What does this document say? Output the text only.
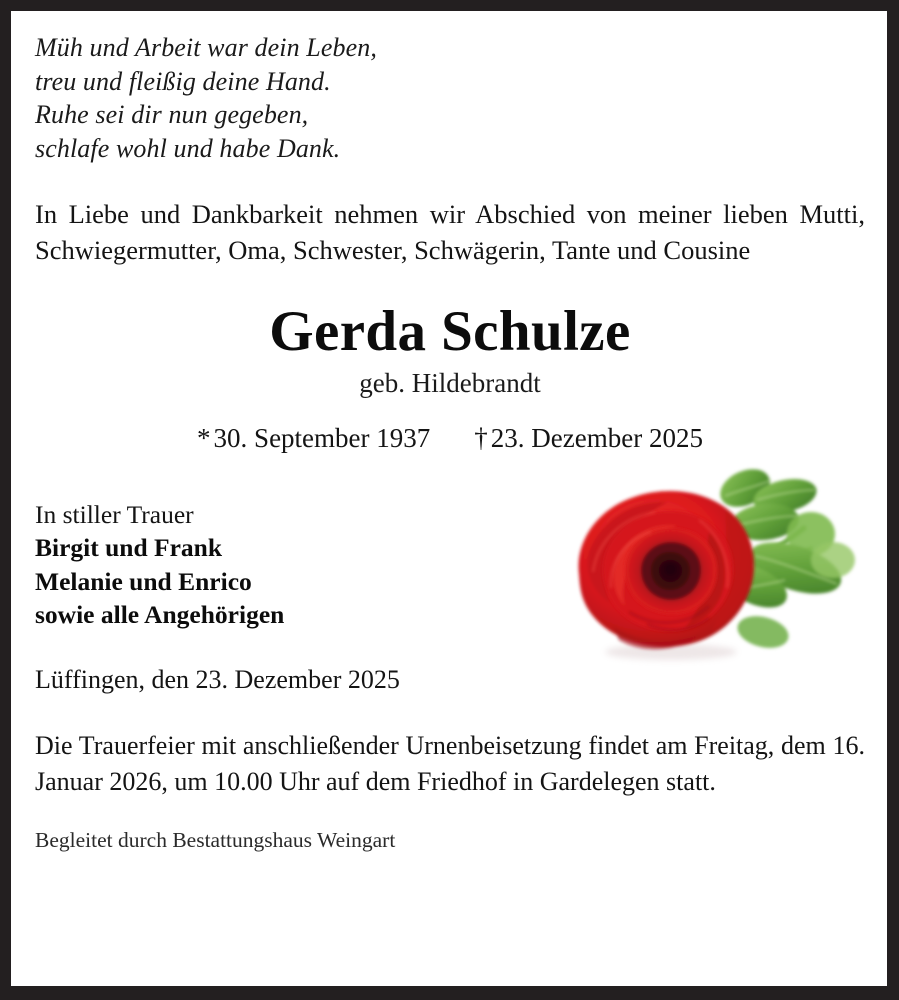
Müh und Arbeit war dein Leben,
treu und fleißig deine Hand.
Ruhe sei dir nun gegeben,
schlafe wohl und habe Dank.

In Liebe und Dankbarkeit nehmen wir Abschied von meiner lieben Mutti, Schwiegermutter, Oma, Schwester, Schwägerin, Tante und Cousine

Gerda Schulze

geb. Hildebrandt

* 30. September 1937 † 23. Dezember 2025

In stiller Trauer

Birgit und Frank

Melanie und Enrico

sowie alle Angehörigen

Lüffingen, den 23. Dezember 2025

Die Trauerfeier mit anschließender Urnenbeisetzung findet am Freitag, dem 16. Januar 2026, um 10.00 Uhr auf dem Friedhof in Gardelegen statt.

Begleitet durch Bestattungshaus Weingart
